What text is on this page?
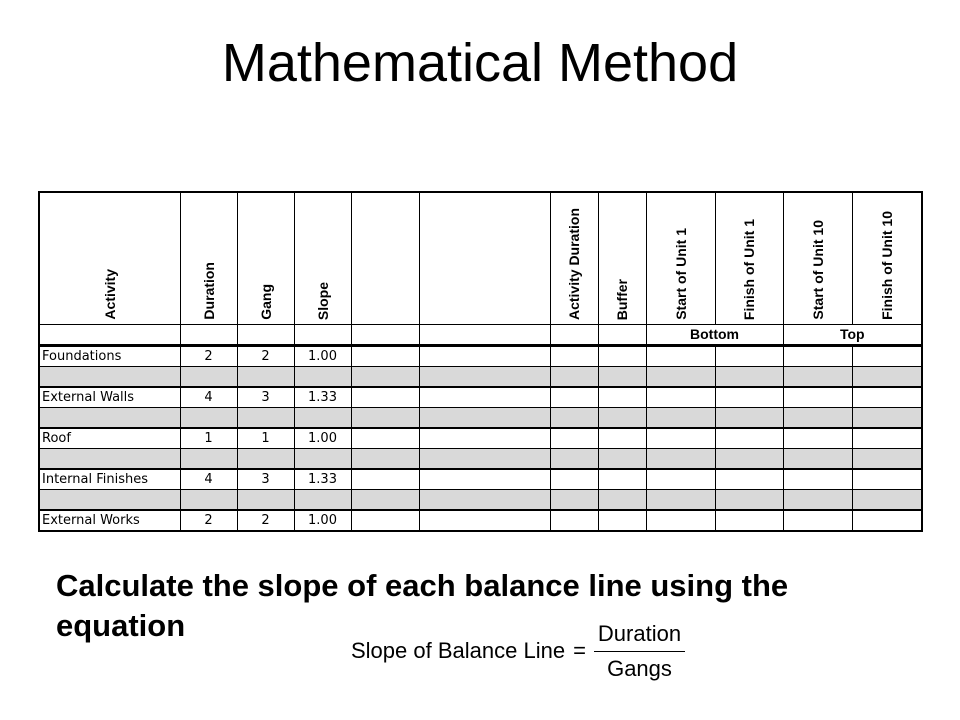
Mathematical Method
Activity	Duration	Gang	Slope			Activity Duration	Buffer	Start of Unit 1	Finish of Unit 1	Start of Unit 10	Finish of Unit 10

								Bottom		Top	
Foundations	2	2	1.00								

External Walls	4	3	1.33								

Roof	1	1	1.00								

Internal Finishes	4	3	1.33								

External Works	2	2	1.00								
Calculate the slope of each balance line using the equation
Slope of Balance Line = $\frac{\text{Duration}}{\text{Gangs}}$
